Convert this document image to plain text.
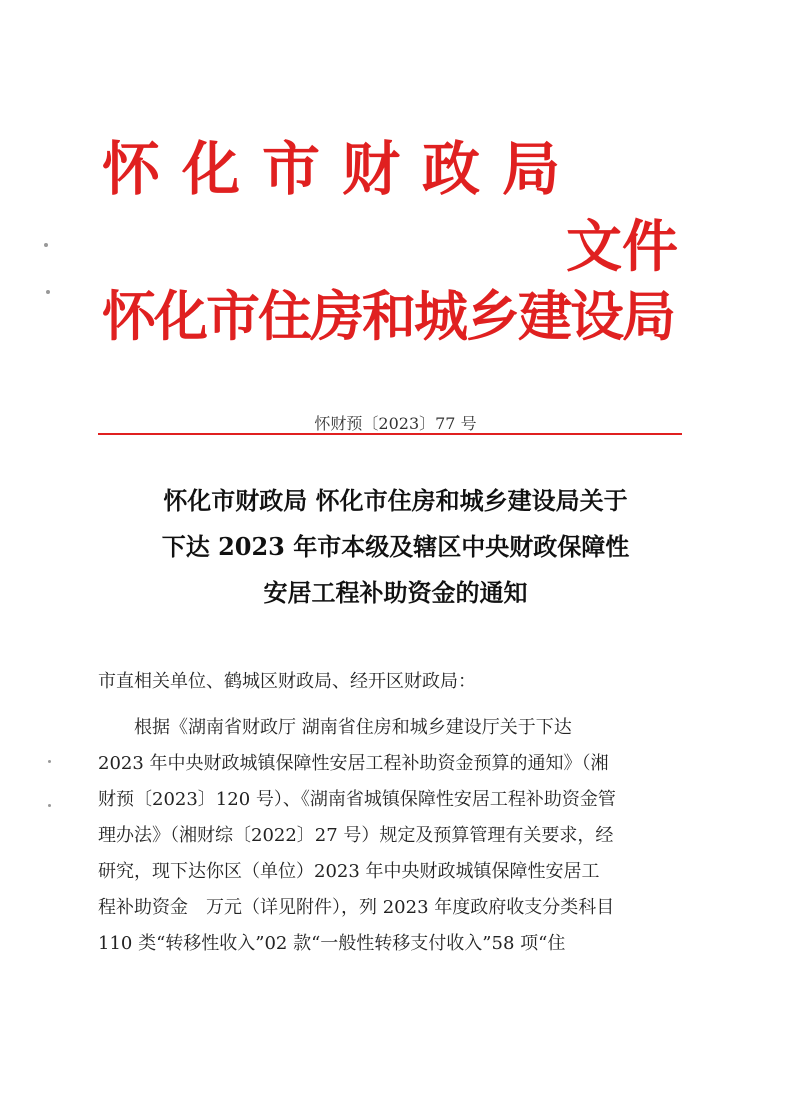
怀化市财政局
文件
怀化市住房和城乡建设局
怀财预〔2023〕77 号
怀化市财政局 怀化市住房和城乡建设局关于
下达 2023 年市本级及辖区中央财政保障性
安居工程补助资金的通知
市直相关单位、鹤城区财政局、经开区财政局：
根据《湖南省财政厅 湖南省住房和城乡建设厅关于下达
2023 年中央财政城镇保障性安居工程补助资金预算的通知》（湘
财预〔2023〕120 号）、《湖南省城镇保障性安居工程补助资金管
理办法》（湘财综〔2022〕27 号）规定及预算管理有关要求，经
研究，现下达你区（单位）2023 年中央财政城镇保障性安居工
程补助资金　万元（详见附件），列 2023 年度政府收支分类科目
110 类“转移性收入”02 款“一般性转移支付收入”58 项“住
